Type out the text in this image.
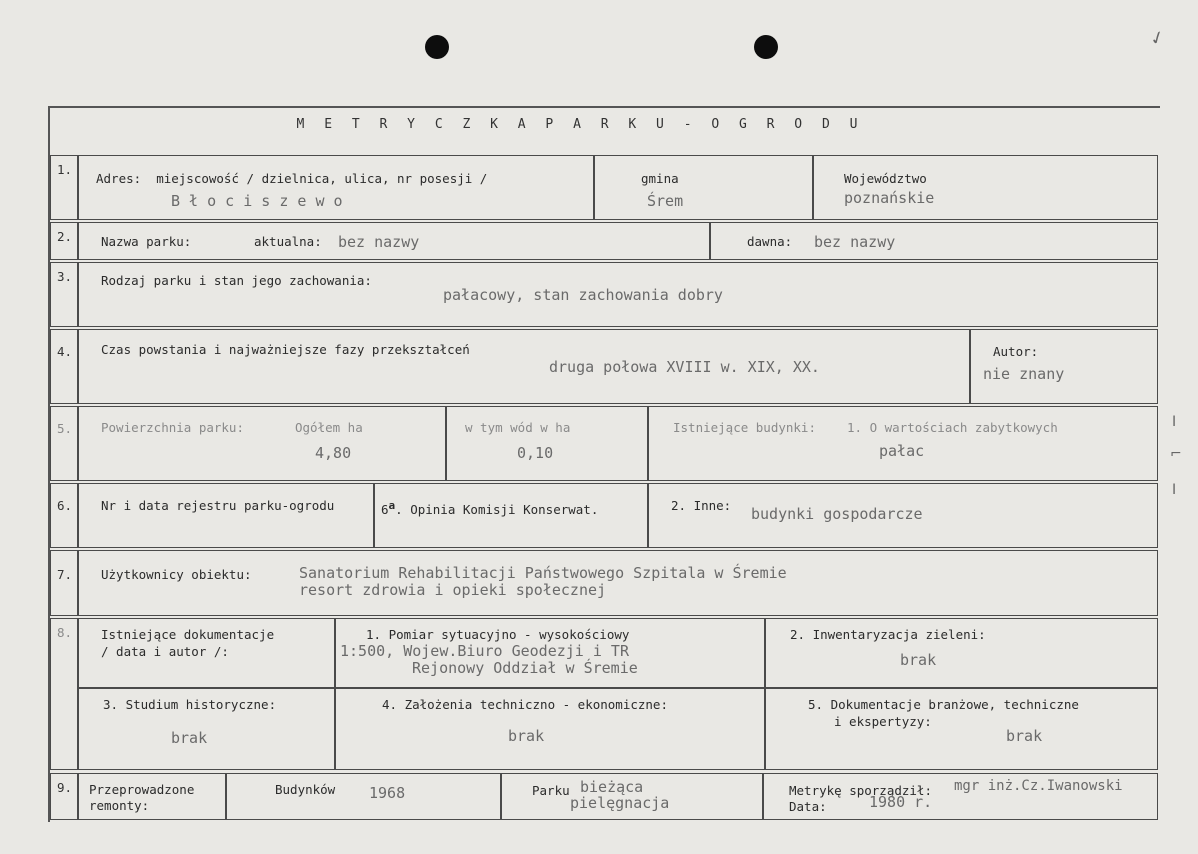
✓
I
⌐
I
M E T R Y C Z K A P A R K U - O G R O D U
1.
Adres:  miejscowość / dzielnica, ulica, nr posesji /
B ł o c i s z e w o
gmina
Śrem
Województwo
poznańskie
2. Nazwa parku:	aktualna: bez nazwy	dawna: bez nazwy
3. Rodzaj parku i stan jego zachowania:
pałacowy, stan zachowania dobry
4. Czas powstania i najważniejsze fazy przekształceń
druga połowa XVIII w. XIX, XX.
Autor:
nie znany
5. Powierzchnia parku:	Ogółem ha
4,80
w tym wód w ha
0,10
Istniejące budynki: 1. O wartościach zabytkowych
pałac
6. Nr i data rejestru parku-ogrodu	6$^a$. Opinia Komisji Konserwat.	2. Inne: budynki gospodarcze
7. Użytkownicy obiektu:	Sanatorium Rehabilitacji Państwowego Szpitala w Śremie
resort zdrowia i opieki społecznej
8. Istniejące dokumentacje
/ data i autor /:
1. Pomiar sytuacyjno - wysokościowy
1:500, Wojew.Biuro Geodezji i TR
Rejonowy Oddział w Śremie
2. Inwentaryzacja zieleni:
brak
3. Studium historyczne:
brak
4. Założenia techniczno - ekonomiczne:
brak
5. Dokumentacje branżowe, techniczne
i ekspertyzy:
brak
9. Przeprowadzone
remonty:
Budynków 1968	Parku bieżąca
pielęgnacja
Metrykę sporządził: mgr inż.Cz.Iwanowski
Data:	1980 r.
